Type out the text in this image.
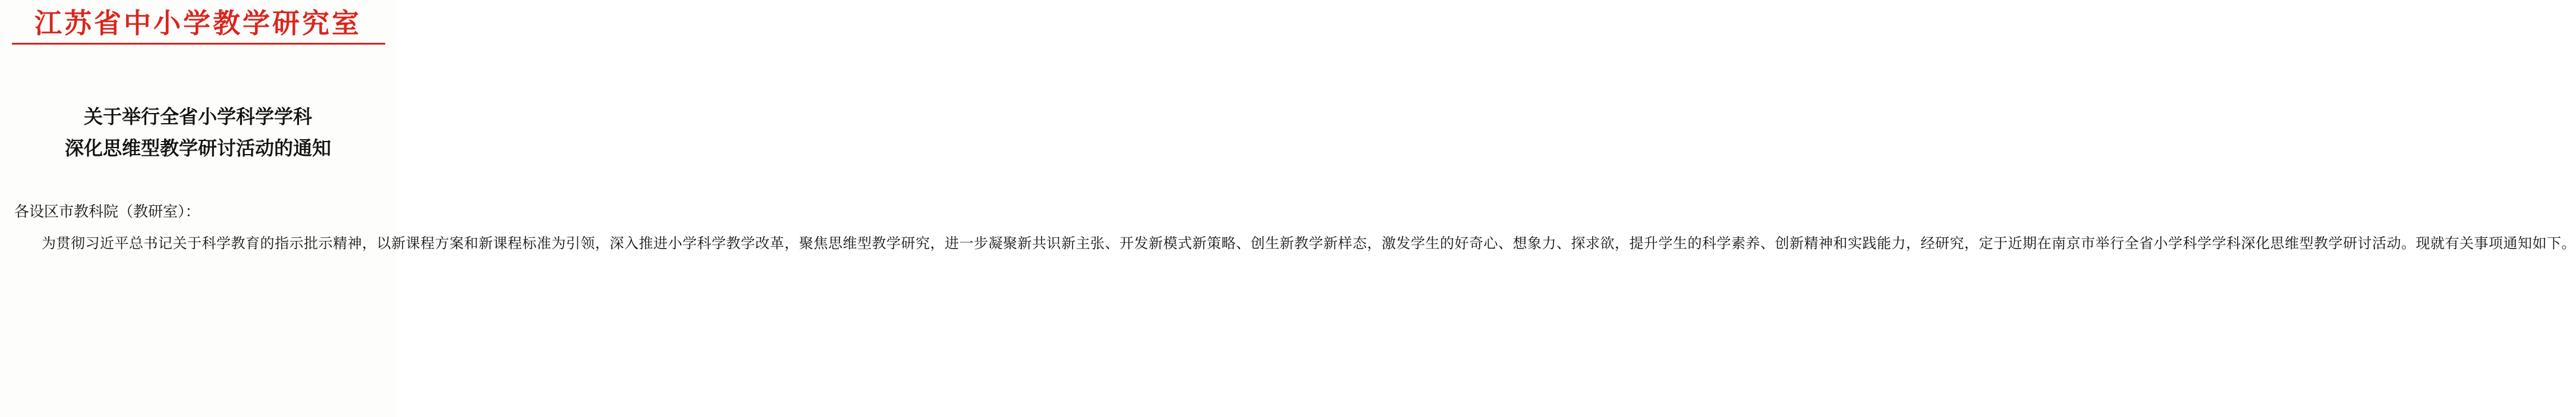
江苏省中小学教学研究室
关于举行全省小学科学学科
深化思维型教学研讨活动的通知
各设区市教科院（教研室）：

为贯彻习近平总书记关于科学教育的指示批示精神，以新课程方案和新课程标准为引领，深入推进小学科学教学改革，聚焦思维型教学研究，进一步凝聚新共识新主张、开发新模式新策略、创生新教学新样态，激发学生的好奇心、想象力、探求欲，提升学生的科学素养、创新精神和实践能力，经研究，定于近期在南京市举行全省小学科学学科深化思维型教学研讨活动。现就有关事项通知如下。
